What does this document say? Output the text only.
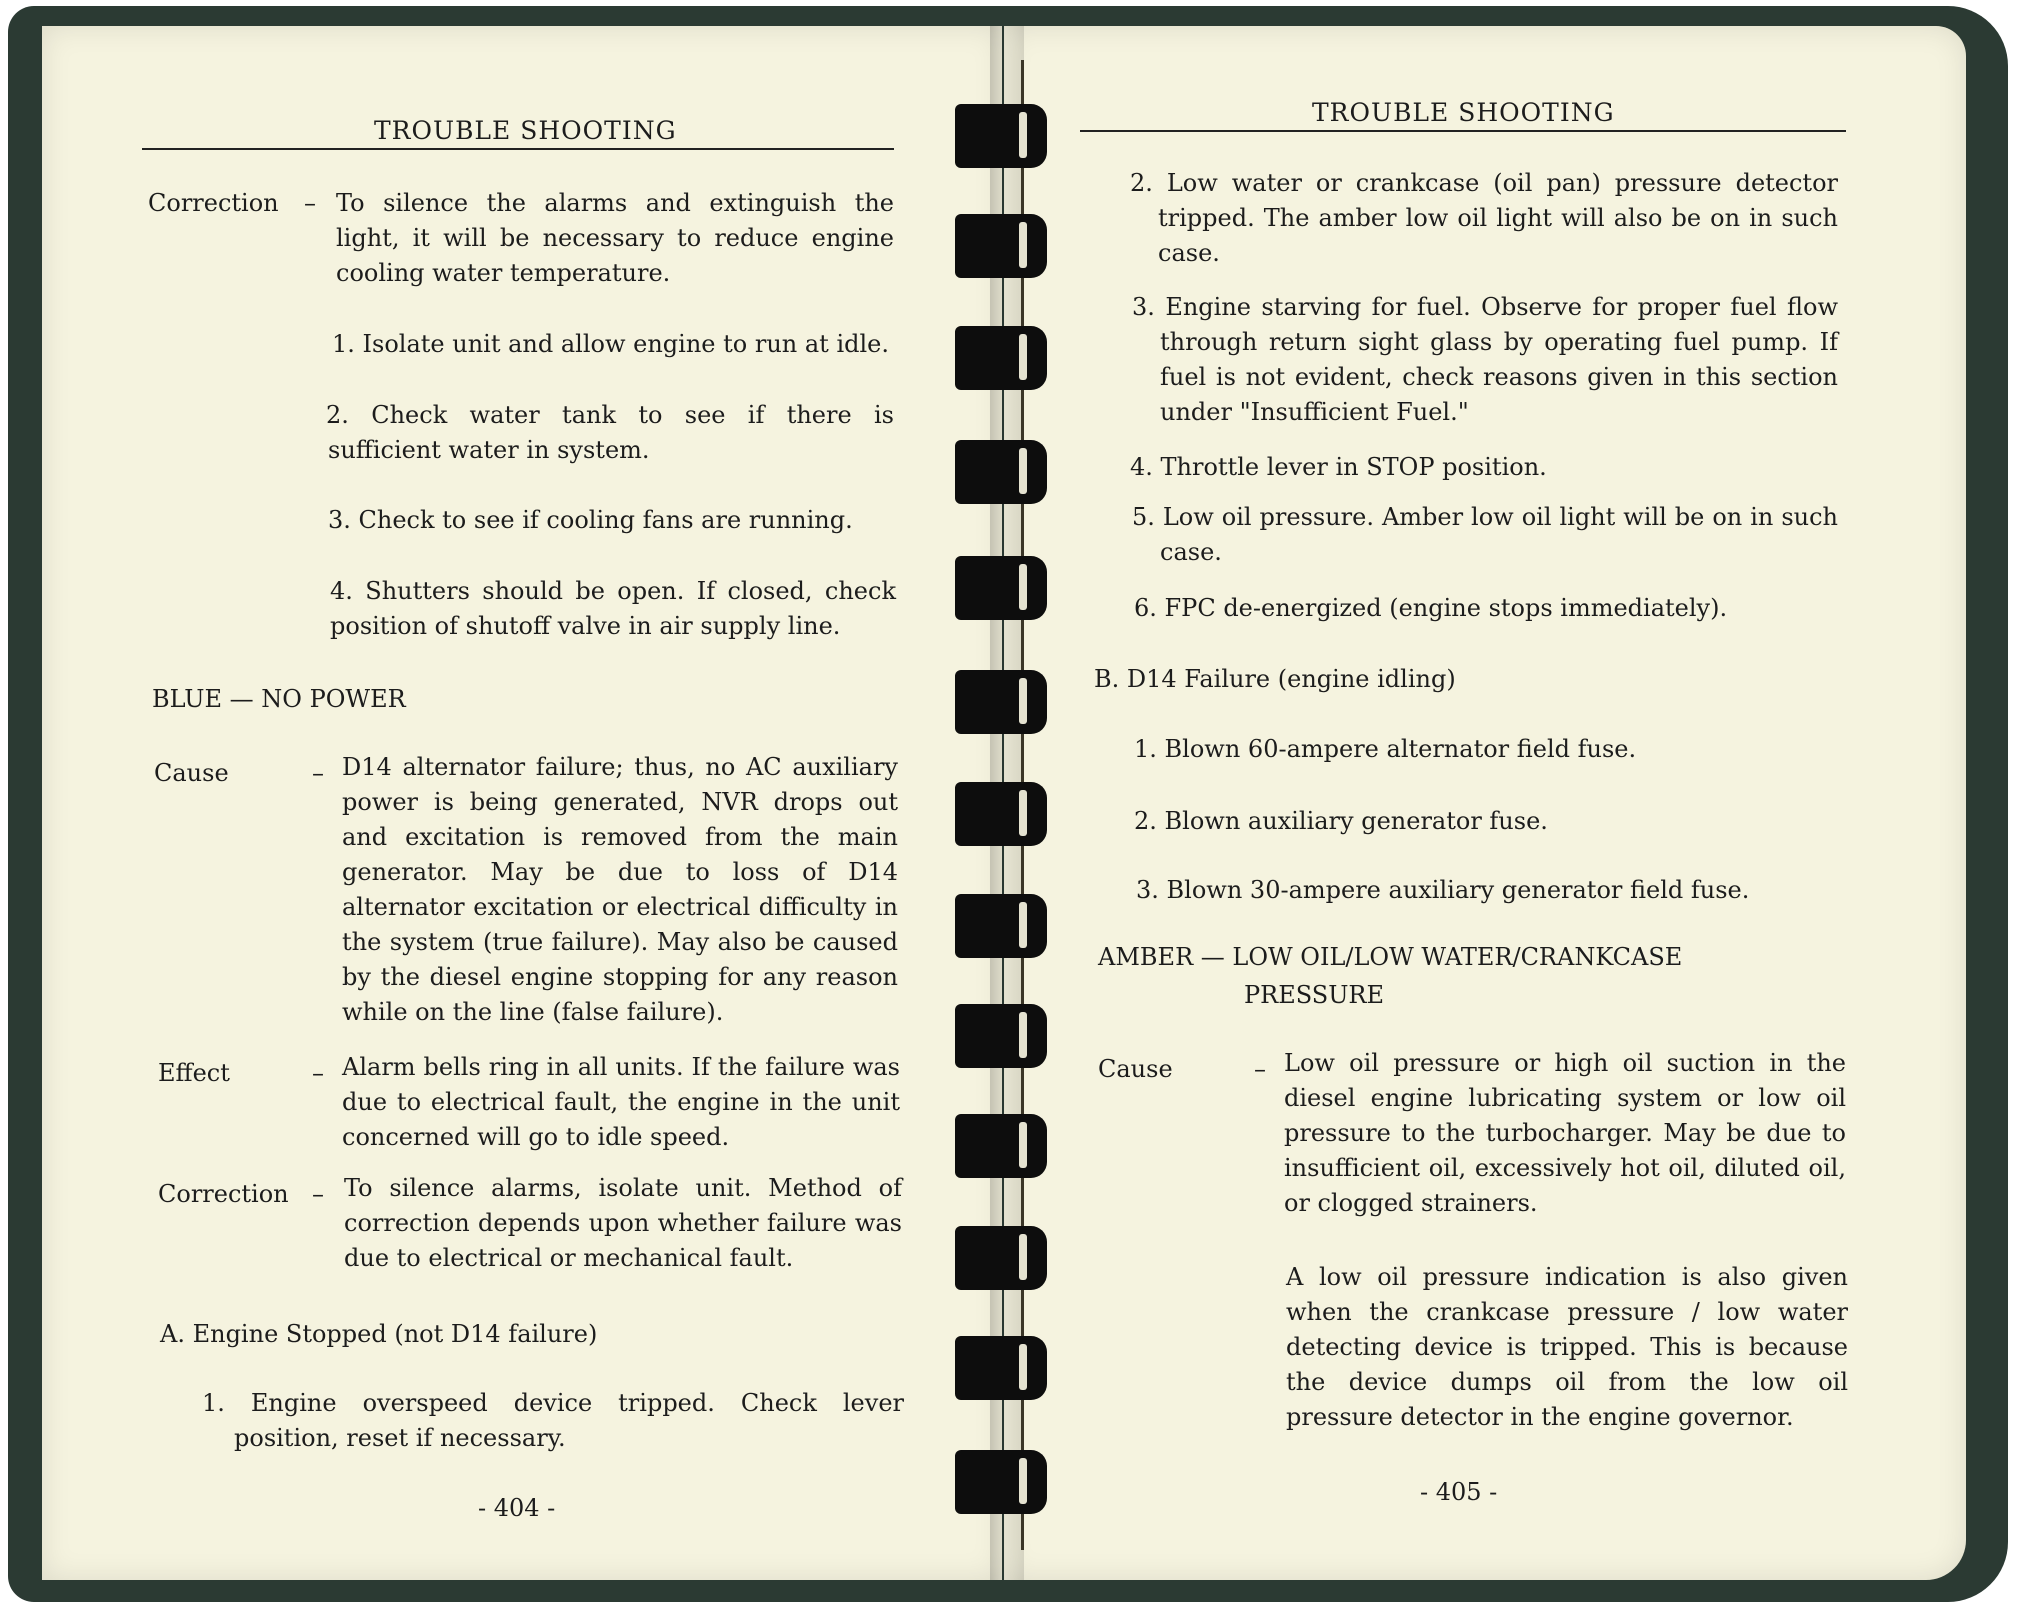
TROUBLE SHOOTING
Correction – To silence the alarms and extinguish the light, it will be necessary to reduce engine cooling water temperature.
1. Isolate unit and allow engine to run at idle.
2. Check water tank to see if there is sufficient water in system.
3. Check to see if cooling fans are running.
4. Shutters should be open. If closed, check position of shutoff valve in air supply line.
BLUE — NO POWER
Cause	– D14 alternator failure; thus, no AC auxiliary power is being generated, NVR drops out and excitation is removed from the main generator. May be due to loss of D14 alternator excitation or electrical difficulty in the system (true failure). May also be caused by the diesel engine stopping for any reason while on the line (false failure).
Effect	– Alarm bells ring in all units. If the failure was due to electrical fault, the engine in the unit concerned will go to idle speed.
Correction – To silence alarms, isolate unit. Method of correction depends upon whether failure was due to electrical or mechanical fault.
A. Engine Stopped (not D14 failure)
1. Engine overspeed device tripped. Check lever position, reset if necessary.
- 404 -
TROUBLE SHOOTING
2. Low water or crankcase (oil pan) pressure detector tripped. The amber low oil light will also be on in such case.
3. Engine starving for fuel. Observe for proper fuel flow through return sight glass by operating fuel pump. If fuel is not evident, check reasons given in this section under "Insufficient Fuel."
4. Throttle lever in STOP position.
5. Low oil pressure. Amber low oil light will be on in such case.
6. FPC de-energized (engine stops immediately).
B. D14 Failure (engine idling)
1. Blown 60-ampere alternator field fuse.
2. Blown auxiliary generator fuse.
3. Blown 30-ampere auxiliary generator field fuse.
AMBER — LOW OIL/LOW WATER/CRANKCASE
PRESSURE
Cause	– Low oil pressure or high oil suction in the diesel engine lubricating system or low oil pressure to the turbocharger. May be due to insufficient oil, excessively hot oil, diluted oil, or clogged strainers.
A low oil pressure indication is also given when the crankcase pressure / low water detecting device is tripped. This is because the device dumps oil from the low oil pressure detector in the engine governor.
- 405 -
